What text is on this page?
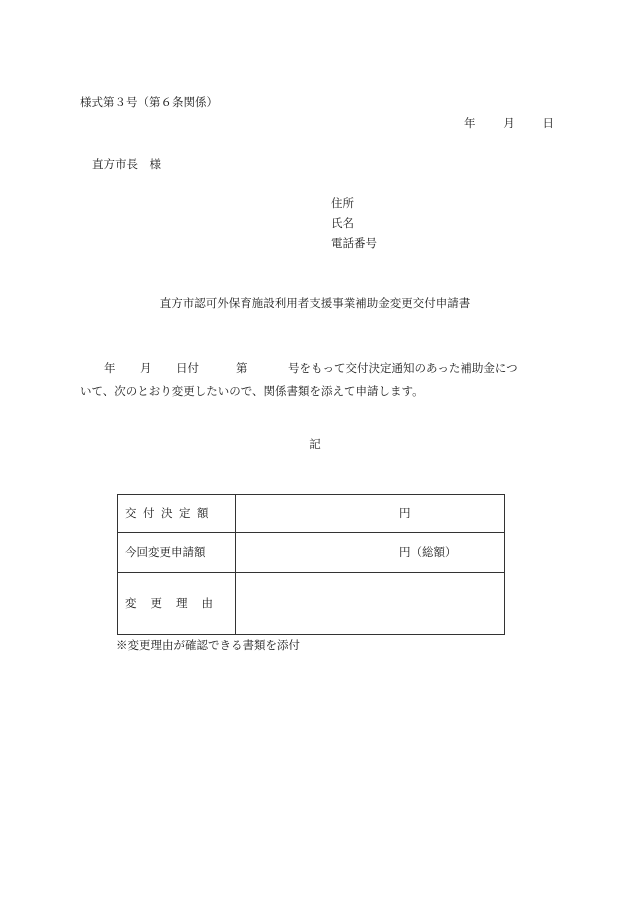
様式第３号（第６条関係）
年 月 日
直方市長　様
住所
氏名
電話番号
直方市認可外保育施設利用者支援事業補助金変更交付申請書
年	月	日付	第	号をもって交付決定通知のあった補助金につ
いて、次のとおり変更したいので、関係書類を添えて申請します。
記
交付決定額	円

今回変更申請額	円（総額）

変更理由	
※変更理由が確認できる書類を添付
